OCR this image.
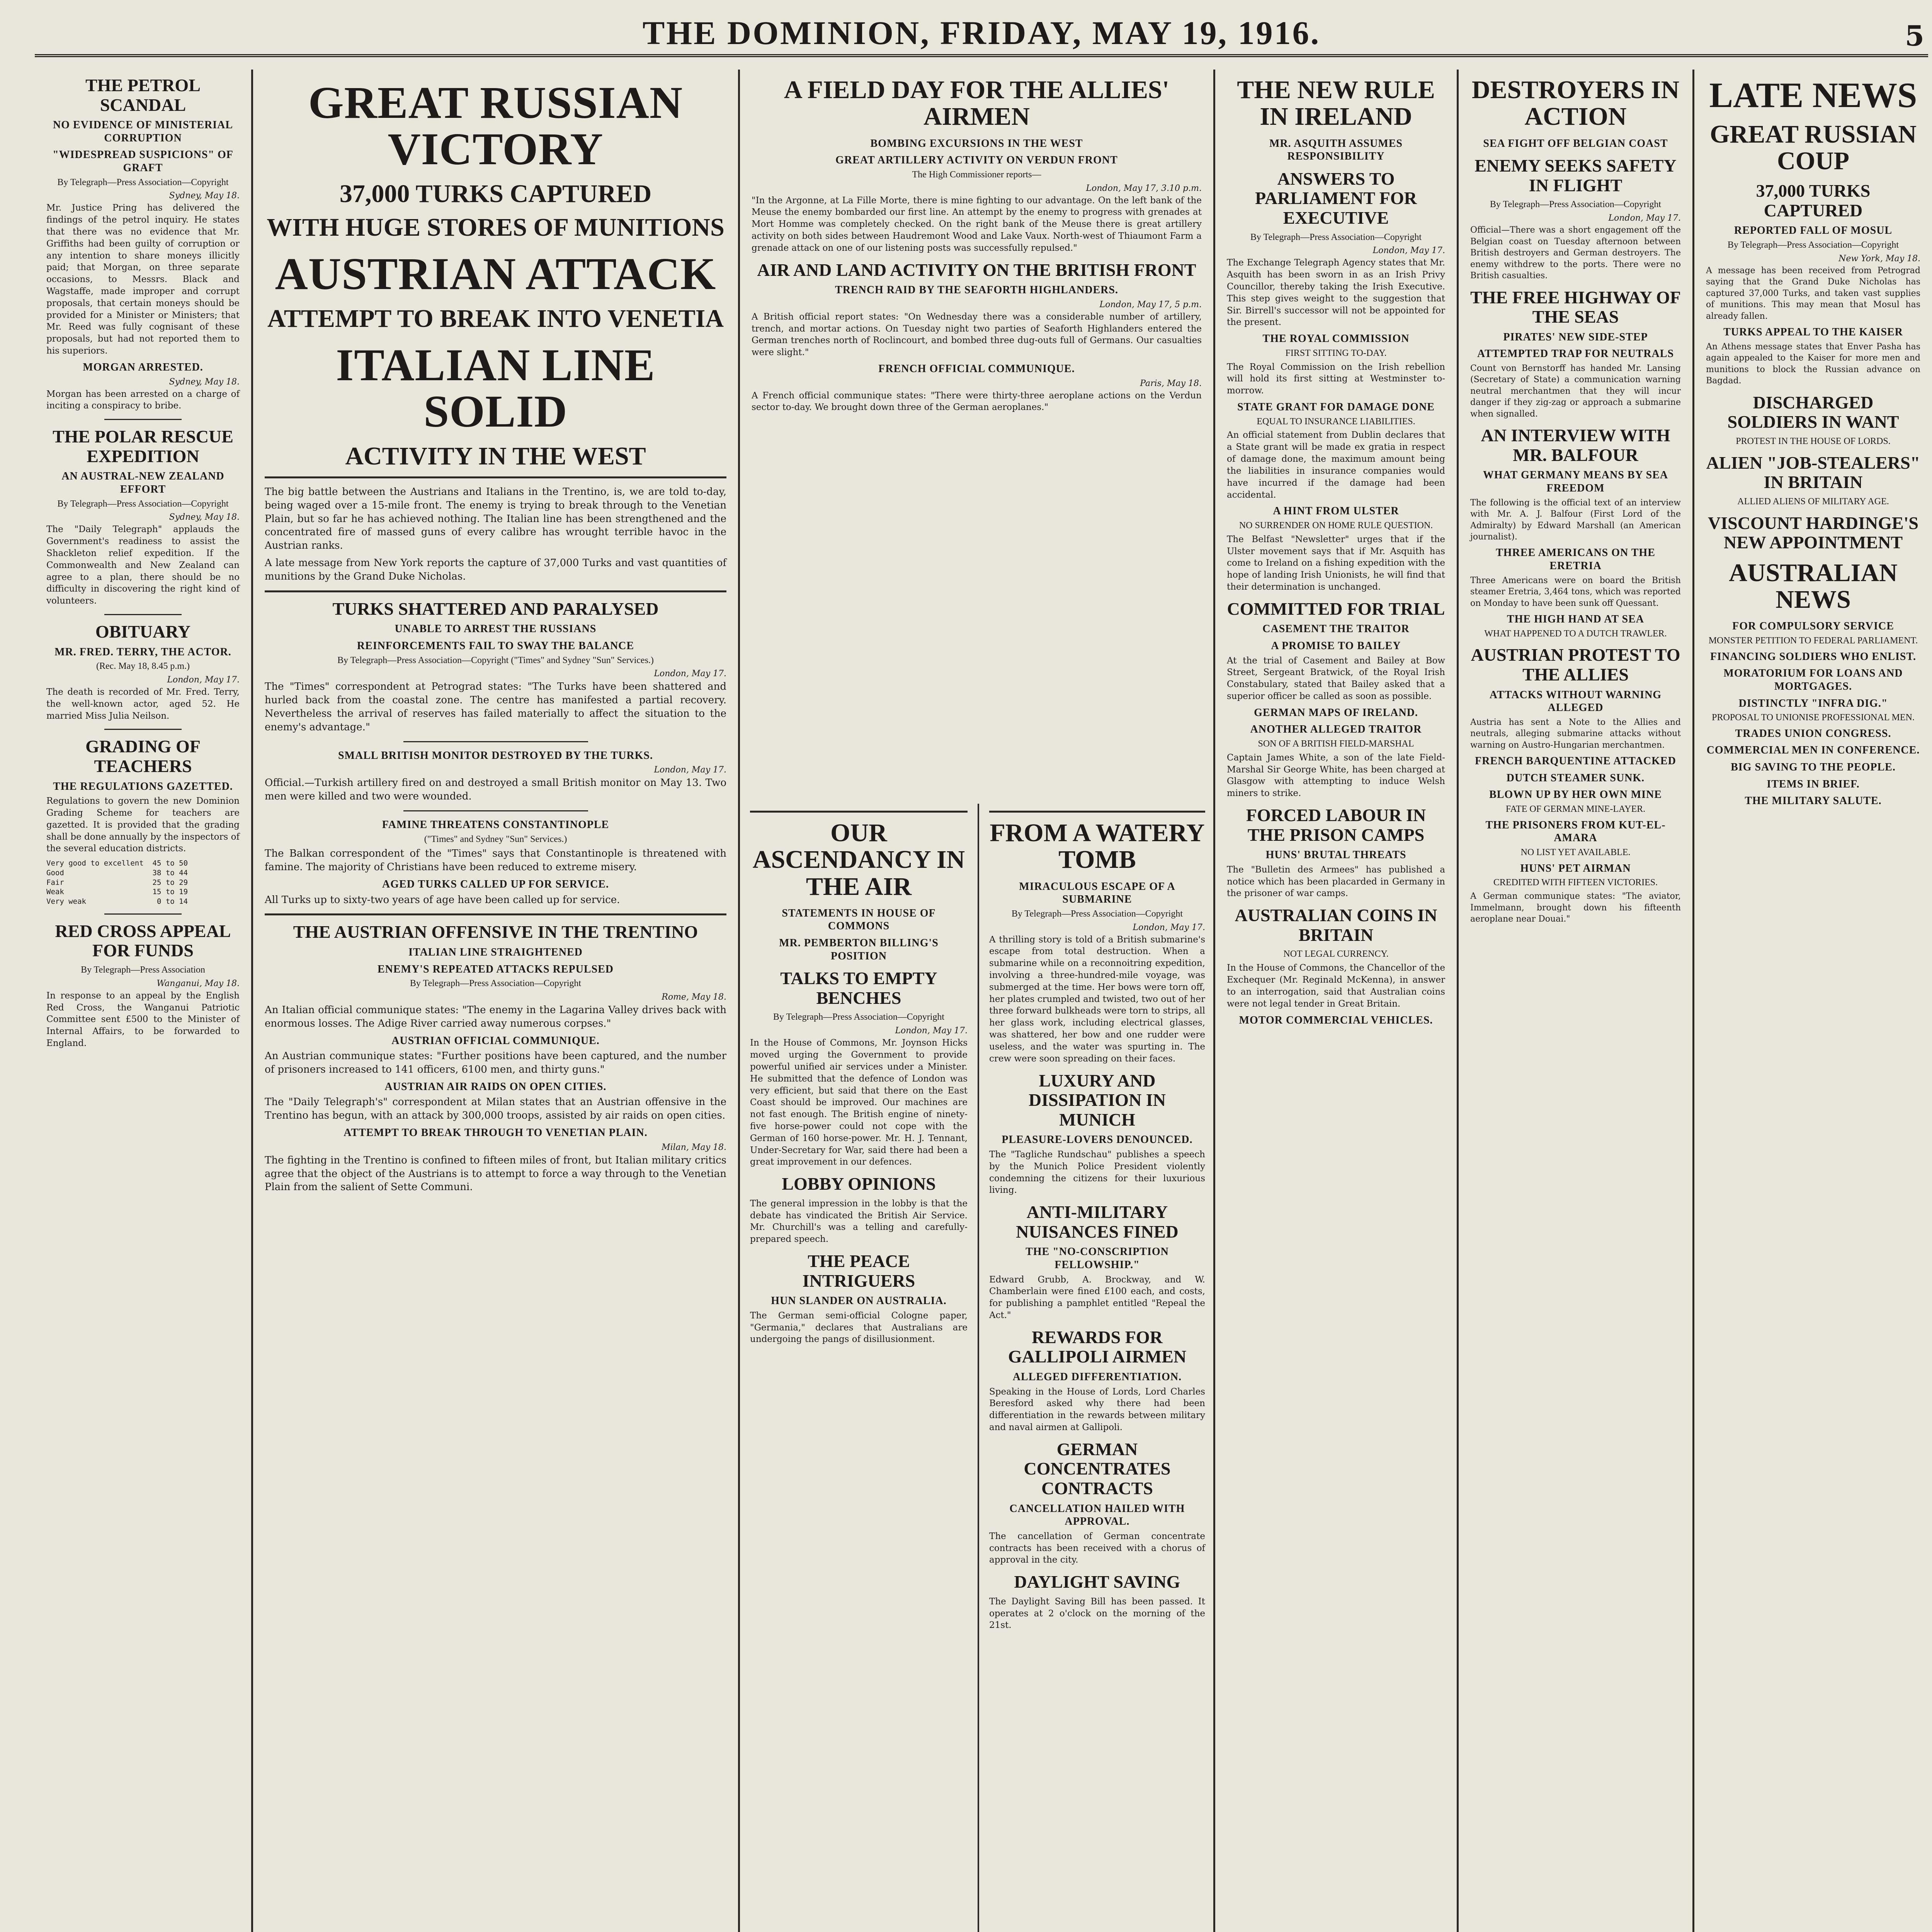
THE DOMINION, FRIDAY, MAY 19, 1916.	5
THE PETROL SCANDAL
NO EVIDENCE OF MINISTERIAL CORRUPTION
"WIDESPREAD SUSPICIONS" OF GRAFT
By Telegraph—Press Association—Copyright
Sydney, May 18.
Mr. Justice Pring has delivered the findings of the petrol inquiry. He states that there was no evidence that Mr. Griffiths had been guilty of corruption or any intention to share moneys illicitly paid; that Morgan, on three separate occasions, to Messrs. Black and Wagstaffe, made improper and corrupt proposals, that certain moneys should be provided for a Minister or Ministers; that Mr. Reed was fully cognisant of these proposals, but had not reported them to his superiors.
MORGAN ARRESTED.
Sydney, May 18.
Morgan has been arrested on a charge of inciting a conspiracy to bribe.
THE POLAR RESCUE EXPEDITION
AN AUSTRAL-NEW ZEALAND EFFORT
By Telegraph—Press Association—Copyright
Sydney, May 18.
The "Daily Telegraph" applauds the Government's readiness to assist the Shackleton relief expedition. If the Commonwealth and New Zealand can agree to a plan, there should be no difficulty in discovering the right kind of volunteers.
OBITUARY
MR. FRED. TERRY, THE ACTOR.
(Rec. May 18, 8.45 p.m.)
London, May 17.
The death is recorded of Mr. Fred. Terry, the well-known actor, aged 52. He married Miss Julia Neilson.
GRADING OF TEACHERS
THE REGULATIONS GAZETTED.
Regulations to govern the new Dominion Grading Scheme for teachers are gazetted. It is provided that the grading shall be done annually by the inspectors of the several education districts.
Very good to excellent  45 to 50
Good                    38 to 44
Fair                    25 to 29
Weak                    15 to 19
Very weak                0 to 14
RED CROSS APPEAL FOR FUNDS
By Telegraph—Press Association
Wanganui, May 18.
In response to an appeal by the English Red Cross, the Wanganui Patriotic Committee sent £500 to the Minister of Internal Affairs, to be forwarded to England.
GREAT RUSSIAN VICTORY
37,000 TURKS CAPTURED
WITH HUGE STORES OF MUNITIONS
AUSTRIAN ATTACK
ATTEMPT TO BREAK INTO VENETIA
ITALIAN LINE SOLID
ACTIVITY IN THE WEST
The big battle between the Austrians and Italians in the Trentino, is, we are told to-day, being waged over a 15-mile front. The enemy is trying to break through to the Venetian Plain, but so far he has achieved nothing. The Italian line has been strengthened and the concentrated fire of massed guns of every calibre has wrought terrible havoc in the Austrian ranks.
A late message from New York reports the capture of 37,000 Turks and vast quantities of munitions by the Grand Duke Nicholas.
TURKS SHATTERED AND PARALYSED
UNABLE TO ARREST THE RUSSIANS
REINFORCEMENTS FAIL TO SWAY THE BALANCE
By Telegraph—Press Association—Copyright ("Times" and Sydney "Sun" Services.)
London, May 17.
The "Times" correspondent at Petrograd states: "The Turks have been shattered and hurled back from the coastal zone. The centre has manifested a partial recovery. Nevertheless the arrival of reserves has failed materially to affect the situation to the enemy's advantage."
SMALL BRITISH MONITOR DESTROYED BY THE TURKS.
London, May 17.
Official.—Turkish artillery fired on and destroyed a small British monitor on May 13. Two men were killed and two were wounded.
FAMINE THREATENS CONSTANTINOPLE
("Times" and Sydney "Sun" Services.)
The Balkan correspondent of the "Times" says that Constantinople is threatened with famine. The majority of Christians have been reduced to extreme misery.
AGED TURKS CALLED UP FOR SERVICE.
All Turks up to sixty-two years of age have been called up for service.
THE AUSTRIAN OFFENSIVE IN THE TRENTINO
ITALIAN LINE STRAIGHTENED
ENEMY'S REPEATED ATTACKS REPULSED
By Telegraph—Press Association—Copyright
Rome, May 18.
An Italian official communique states: "The enemy in the Lagarina Valley drives back with enormous losses. The Adige River carried away numerous corpses."
AUSTRIAN OFFICIAL COMMUNIQUE.
An Austrian communique states: "Further positions have been captured, and the number of prisoners increased to 141 officers, 6100 men, and thirty guns."
AUSTRIAN AIR RAIDS ON OPEN CITIES.
The "Daily Telegraph's" correspondent at Milan states that an Austrian offensive in the Trentino has begun, with an attack by 300,000 troops, assisted by air raids on open cities.
ATTEMPT TO BREAK THROUGH TO VENETIAN PLAIN.
Milan, May 18.
The fighting in the Trentino is confined to fifteen miles of front, but Italian military critics agree that the object of the Austrians is to attempt to force a way through to the Venetian Plain from the salient of Sette Communi.
A FIELD DAY FOR THE ALLIES' AIRMEN
BOMBING EXCURSIONS IN THE WEST
GREAT ARTILLERY ACTIVITY ON VERDUN FRONT
The High Commissioner reports—
London, May 17, 3.10 p.m.
"In the Argonne, at La Fille Morte, there is mine fighting to our advantage. On the left bank of the Meuse the enemy bombarded our first line. An attempt by the enemy to progress with grenades at Mort Homme was completely checked. On the right bank of the Meuse there is great artillery activity on both sides between Haudremont Wood and Lake Vaux. North-west of Thiaumont Farm a grenade attack on one of our listening posts was successfully repulsed."
AIR AND LAND ACTIVITY ON THE BRITISH FRONT
TRENCH RAID BY THE SEAFORTH HIGHLANDERS.
London, May 17, 5 p.m.
A British official report states: "On Wednesday there was a considerable number of artillery, trench, and mortar actions. On Tuesday night two parties of Seaforth Highlanders entered the German trenches north of Roclincourt, and bombed three dug-outs full of Germans. Our casualties were slight."
FRENCH OFFICIAL COMMUNIQUE.
Paris, May 18.
A French official communique states: "There were thirty-three aeroplane actions on the Verdun sector to-day. We brought down three of the German aeroplanes."
OUR ASCENDANCY IN THE AIR
STATEMENTS IN HOUSE OF COMMONS
MR. PEMBERTON BILLING'S POSITION
TALKS TO EMPTY BENCHES
By Telegraph—Press Association—Copyright
London, May 17.
In the House of Commons, Mr. Joynson Hicks moved urging the Government to provide powerful unified air services under a Minister. He submitted that the defence of London was very efficient, but said that there on the East Coast should be improved. Our machines are not fast enough. The British engine of ninety-five horse-power could not cope with the German of 160 horse-power. Mr. H. J. Tennant, Under-Secretary for War, said there had been a great improvement in our defences.
LOBBY OPINIONS
The general impression in the lobby is that the debate has vindicated the British Air Service. Mr. Churchill's was a telling and carefully-prepared speech.
THE PEACE INTRIGUERS
HUN SLANDER ON AUSTRALIA.
The German semi-official Cologne paper, "Germania," declares that Australians are undergoing the pangs of disillusionment.
FROM A WATERY TOMB
MIRACULOUS ESCAPE OF A SUBMARINE
By Telegraph—Press Association—Copyright
London, May 17.
A thrilling story is told of a British submarine's escape from total destruction. When a submarine while on a reconnoitring expedition, involving a three-hundred-mile voyage, was submerged at the time. Her bows were torn off, her plates crumpled and twisted, two out of her three forward bulkheads were torn to strips, all her glass work, including electrical glasses, was shattered, her bow and one rudder were useless, and the water was spurting in. The crew were soon spreading on their faces.
LUXURY AND DISSIPATION IN MUNICH
PLEASURE-LOVERS DENOUNCED.
The "Tagliche Rundschau" publishes a speech by the Munich Police President violently condemning the citizens for their luxurious living.
ANTI-MILITARY NUISANCES FINED
THE "NO-CONSCRIPTION FELLOWSHIP."
Edward Grubb, A. Brockway, and W. Chamberlain were fined £100 each, and costs, for publishing a pamphlet entitled "Repeal the Act."
REWARDS FOR GALLIPOLI AIRMEN
ALLEGED DIFFERENTIATION.
Speaking in the House of Lords, Lord Charles Beresford asked why there had been differentiation in the rewards between military and naval airmen at Gallipoli.
GERMAN CONCENTRATES CONTRACTS
CANCELLATION HAILED WITH APPROVAL.
The cancellation of German concentrate contracts has been received with a chorus of approval in the city.
DAYLIGHT SAVING
The Daylight Saving Bill has been passed. It operates at 2 o'clock on the morning of the 21st.
THE NEW RULE IN IRELAND
MR. ASQUITH ASSUMES RESPONSIBILITY
ANSWERS TO PARLIAMENT FOR EXECUTIVE
By Telegraph—Press Association—Copyright
London, May 17.
The Exchange Telegraph Agency states that Mr. Asquith has been sworn in as an Irish Privy Councillor, thereby taking the Irish Executive. This step gives weight to the suggestion that Sir. Birrell's successor will not be appointed for the present.
THE ROYAL COMMISSION
FIRST SITTING TO-DAY.
The Royal Commission on the Irish rebellion will hold its first sitting at Westminster to-morrow.
STATE GRANT FOR DAMAGE DONE
EQUAL TO INSURANCE LIABILITIES.
An official statement from Dublin declares that a State grant will be made ex gratia in respect of damage done, the maximum amount being the liabilities in insurance companies would have incurred if the damage had been accidental.
A HINT FROM ULSTER
NO SURRENDER ON HOME RULE QUESTION.
The Belfast "Newsletter" urges that if the Ulster movement says that if Mr. Asquith has come to Ireland on a fishing expedition with the hope of landing Irish Unionists, he will find that their determination is unchanged.
COMMITTED FOR TRIAL
CASEMENT THE TRAITOR
A PROMISE TO BAILEY
At the trial of Casement and Bailey at Bow Street, Sergeant Bratwick, of the Royal Irish Constabulary, stated that Bailey asked that a superior officer be called as soon as possible.
GERMAN MAPS OF IRELAND.
ANOTHER ALLEGED TRAITOR
SON OF A BRITISH FIELD-MARSHAL
Captain James White, a son of the late Field-Marshal Sir George White, has been charged at Glasgow with attempting to induce Welsh miners to strike.
FORCED LABOUR IN THE PRISON CAMPS
HUNS' BRUTAL THREATS
The "Bulletin des Armees" has published a notice which has been placarded in Germany in the prisoner of war camps.
AUSTRALIAN COINS IN BRITAIN
NOT LEGAL CURRENCY.
In the House of Commons, the Chancellor of the Exchequer (Mr. Reginald McKenna), in answer to an interrogation, said that Australian coins were not legal tender in Great Britain.
MOTOR COMMERCIAL VEHICLES.
DESTROYERS IN ACTION
SEA FIGHT OFF BELGIAN COAST
ENEMY SEEKS SAFETY IN FLIGHT
By Telegraph—Press Association—Copyright
London, May 17.
Official—There was a short engagement off the Belgian coast on Tuesday afternoon between British destroyers and German destroyers. The enemy withdrew to the ports. There were no British casualties.
THE FREE HIGHWAY OF THE SEAS
PIRATES' NEW SIDE-STEP
ATTEMPTED TRAP FOR NEUTRALS
Count von Bernstorff has handed Mr. Lansing (Secretary of State) a communication warning neutral merchantmen that they will incur danger if they zig-zag or approach a submarine when signalled.
AN INTERVIEW WITH MR. BALFOUR
WHAT GERMANY MEANS BY SEA FREEDOM
The following is the official text of an interview with Mr. A. J. Balfour (First Lord of the Admiralty) by Edward Marshall (an American journalist).
THREE AMERICANS ON THE ERETRIA
Three Americans were on board the British steamer Eretria, 3,464 tons, which was reported on Monday to have been sunk off Quessant.
THE HIGH HAND AT SEA
WHAT HAPPENED TO A DUTCH TRAWLER.
AUSTRIAN PROTEST TO THE ALLIES
ATTACKS WITHOUT WARNING ALLEGED
Austria has sent a Note to the Allies and neutrals, alleging submarine attacks without warning on Austro-Hungarian merchantmen.
FRENCH BARQUENTINE ATTACKED
DUTCH STEAMER SUNK.
BLOWN UP BY HER OWN MINE
FATE OF GERMAN MINE-LAYER.
THE PRISONERS FROM KUT-EL-AMARA
NO LIST YET AVAILABLE.
HUNS' PET AIRMAN
CREDITED WITH FIFTEEN VICTORIES.
A German communique states: "The aviator, Immelmann, brought down his fifteenth aeroplane near Douai."
LATE NEWS
GREAT RUSSIAN COUP
37,000 TURKS CAPTURED
REPORTED FALL OF MOSUL
By Telegraph—Press Association—Copyright
New York, May 18.
A message has been received from Petrograd saying that the Grand Duke Nicholas has captured 37,000 Turks, and taken vast supplies of munitions. This may mean that Mosul has already fallen.
TURKS APPEAL TO THE KAISER
An Athens message states that Enver Pasha has again appealed to the Kaiser for more men and munitions to block the Russian advance on Bagdad.
DISCHARGED SOLDIERS IN WANT
PROTEST IN THE HOUSE OF LORDS.
ALIEN "JOB-STEALERS" IN BRITAIN
ALLIED ALIENS OF MILITARY AGE.
VISCOUNT HARDINGE'S NEW APPOINTMENT
AUSTRALIAN NEWS
FOR COMPULSORY SERVICE
MONSTER PETITION TO FEDERAL PARLIAMENT.
FINANCING SOLDIERS WHO ENLIST.
MORATORIUM FOR LOANS AND MORTGAGES.
DISTINCTLY "INFRA DIG."
PROPOSAL TO UNIONISE PROFESSIONAL MEN.
TRADES UNION CONGRESS.
COMMERCIAL MEN IN CONFERENCE.
BIG SAVING TO THE PEOPLE.
ITEMS IN BRIEF.
THE MILITARY SALUTE.
